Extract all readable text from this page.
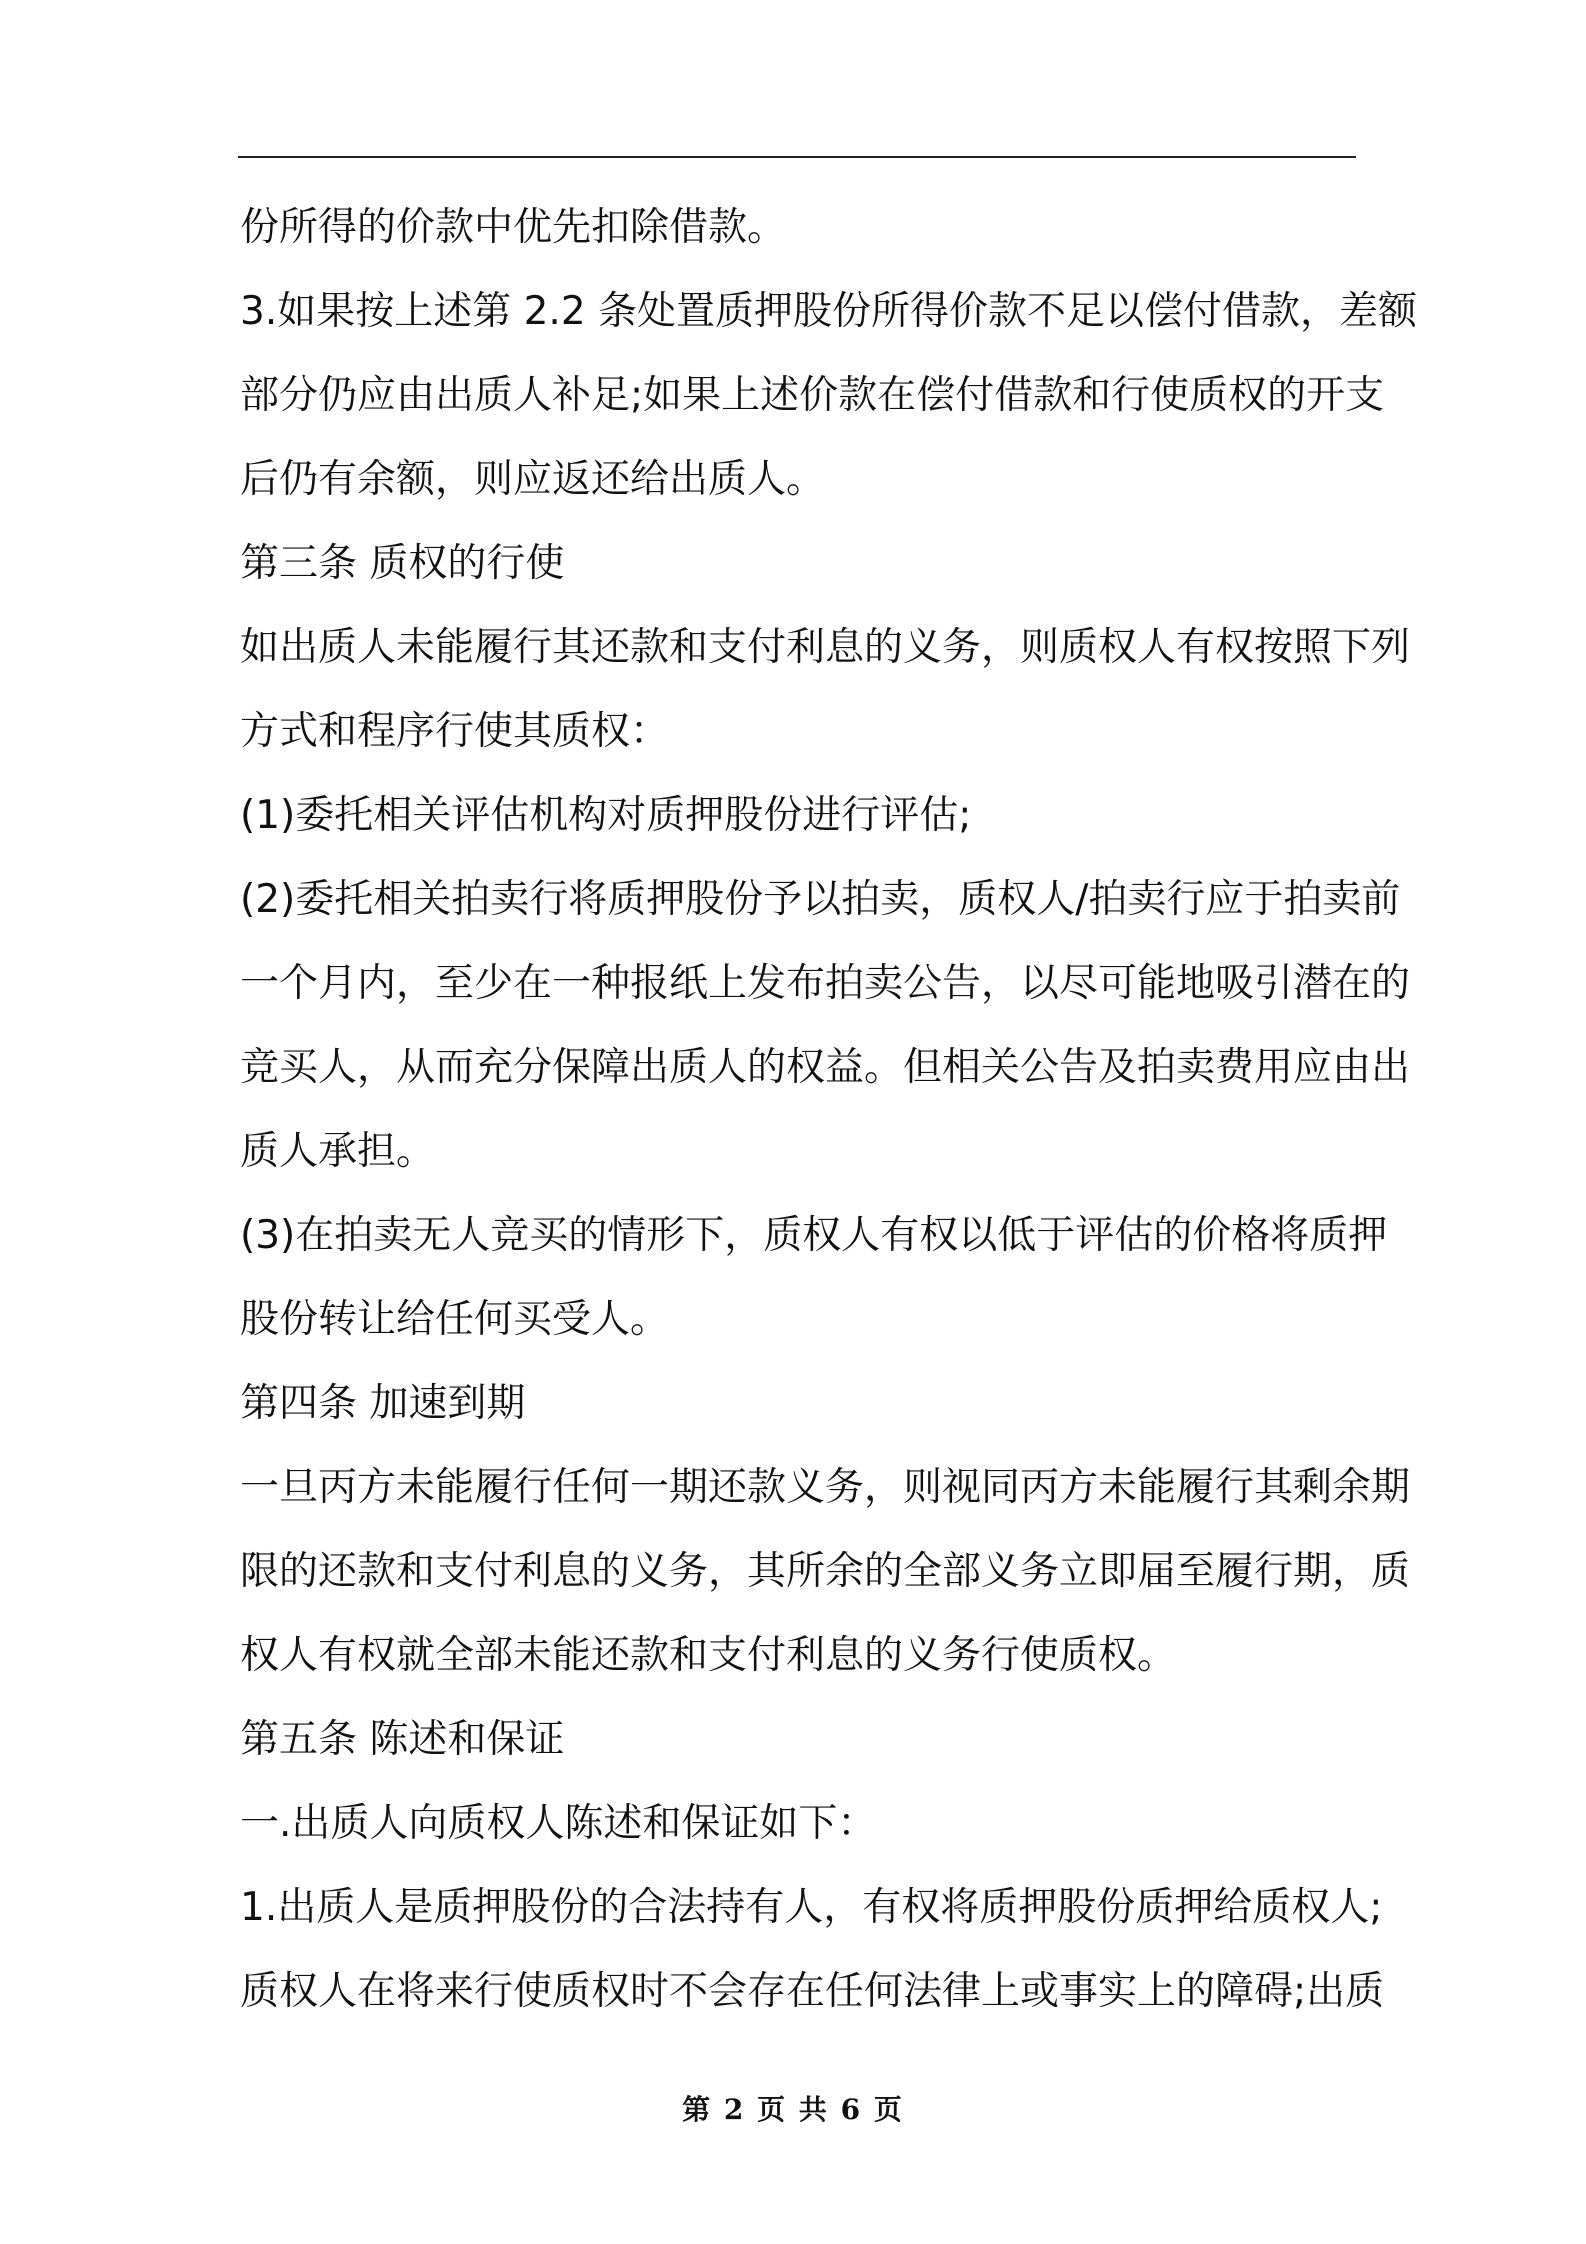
份所得的价款中优先扣除借款。
3.如果按上述第 2.2 条处置质押股份所得价款不足以偿付借款，差额
部分仍应由出质人补足;如果上述价款在偿付借款和行使质权的开支
后仍有余额，则应返还给出质人。
第三条 质权的行使
如出质人未能履行其还款和支付利息的义务，则质权人有权按照下列
方式和程序行使其质权：
(1)委托相关评估机构对质押股份进行评估;
(2)委托相关拍卖行将质押股份予以拍卖，质权人/拍卖行应于拍卖前
一个月内，至少在一种报纸上发布拍卖公告，以尽可能地吸引潜在的
竞买人，从而充分保障出质人的权益。但相关公告及拍卖费用应由出
质人承担。
(3)在拍卖无人竞买的情形下，质权人有权以低于评估的价格将质押
股份转让给任何买受人。
第四条 加速到期
一旦丙方未能履行任何一期还款义务，则视同丙方未能履行其剩余期
限的还款和支付利息的义务，其所余的全部义务立即届至履行期，质
权人有权就全部未能还款和支付利息的义务行使质权。
第五条 陈述和保证
一.出质人向质权人陈述和保证如下：
1.出质人是质押股份的合法持有人，有权将质押股份质押给质权人;
质权人在将来行使质权时不会存在任何法律上或事实上的障碍;出质
第 2 页 共 6 页
